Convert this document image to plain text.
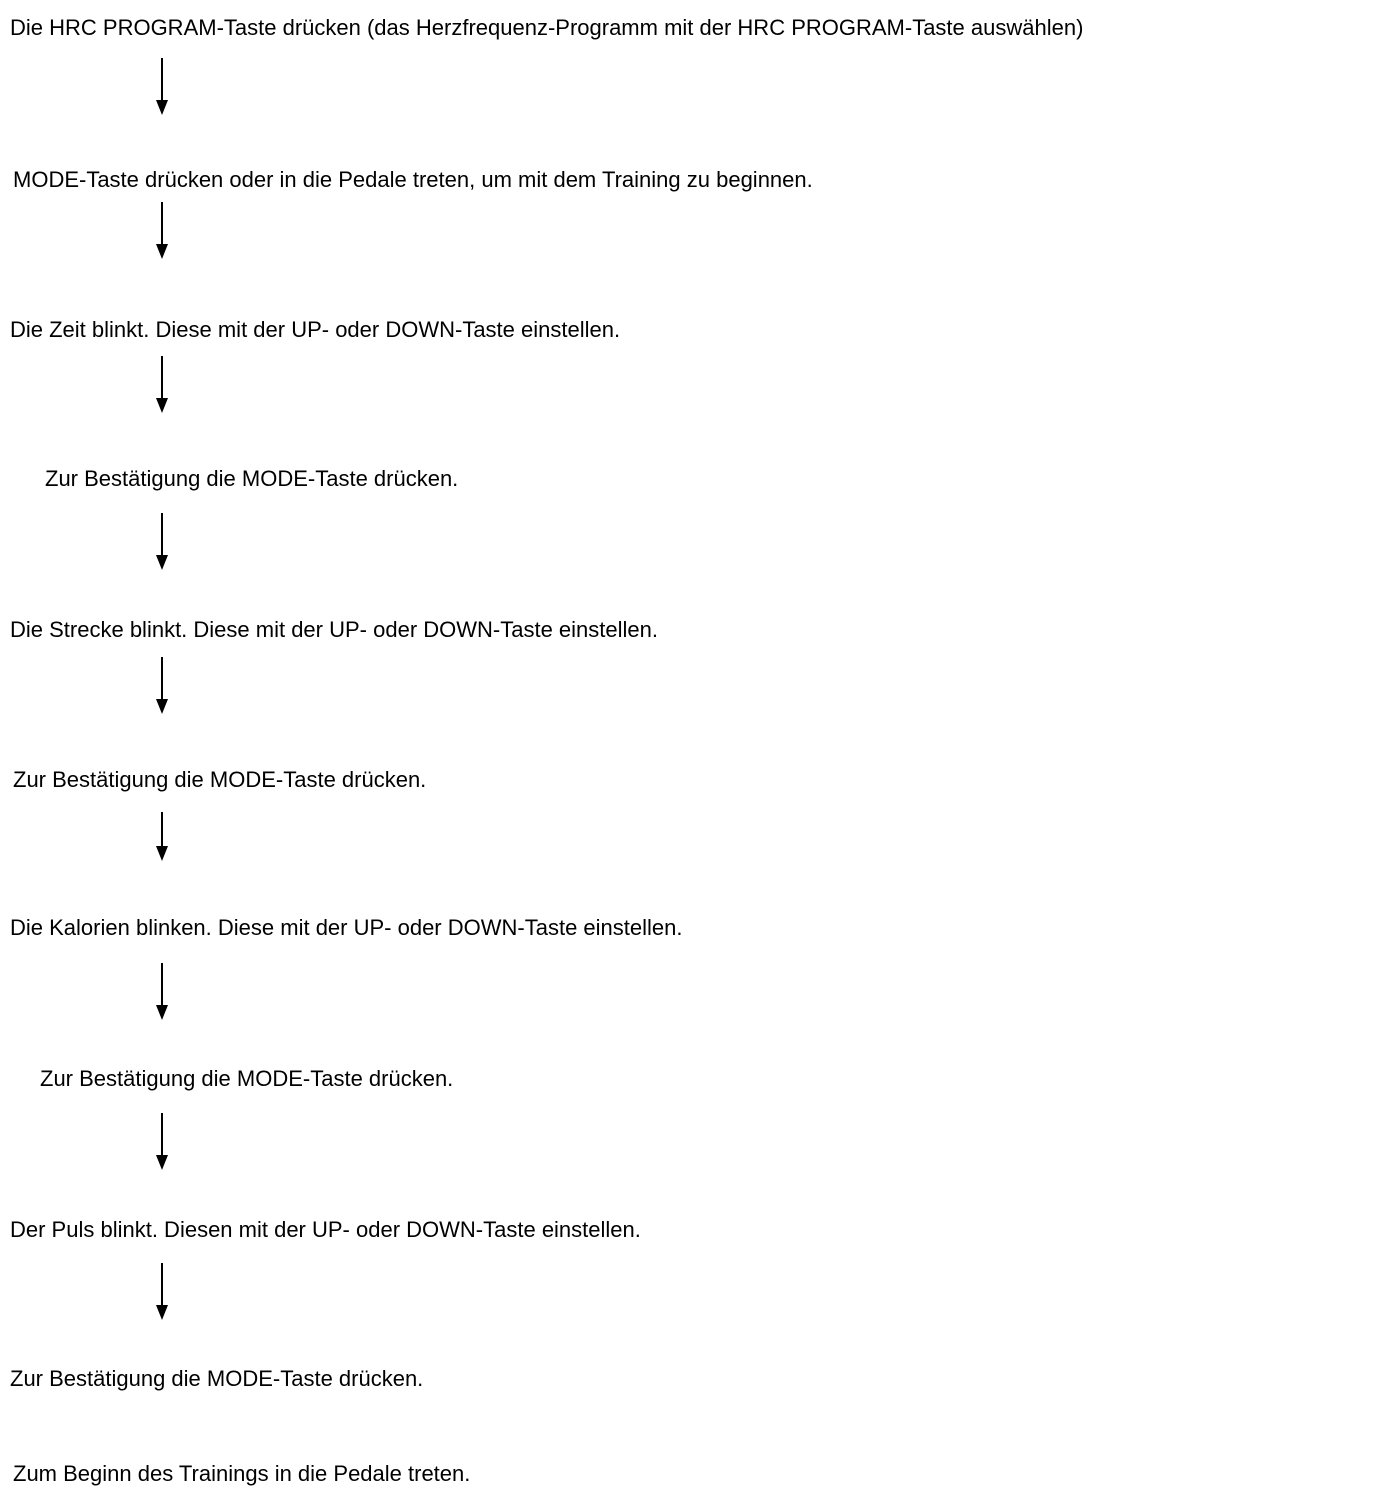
Die HRC PROGRAM-Taste drücken (das Herzfrequenz-Programm mit der HRC PROGRAM-Taste auswählen)
MODE-Taste drücken oder in die Pedale treten, um mit dem Training zu beginnen.
Die Zeit blinkt. Diese mit der UP- oder DOWN-Taste einstellen.
Zur Bestätigung die MODE-Taste drücken.
Die Strecke blinkt. Diese mit der UP- oder DOWN-Taste einstellen.
Zur Bestätigung die MODE-Taste drücken.
Die Kalorien blinken. Diese mit der UP- oder DOWN-Taste einstellen.
Zur Bestätigung die MODE-Taste drücken.
Der Puls blinkt. Diesen mit der UP- oder DOWN-Taste einstellen.
Zur Bestätigung die MODE-Taste drücken.
Zum Beginn des Trainings in die Pedale treten.
